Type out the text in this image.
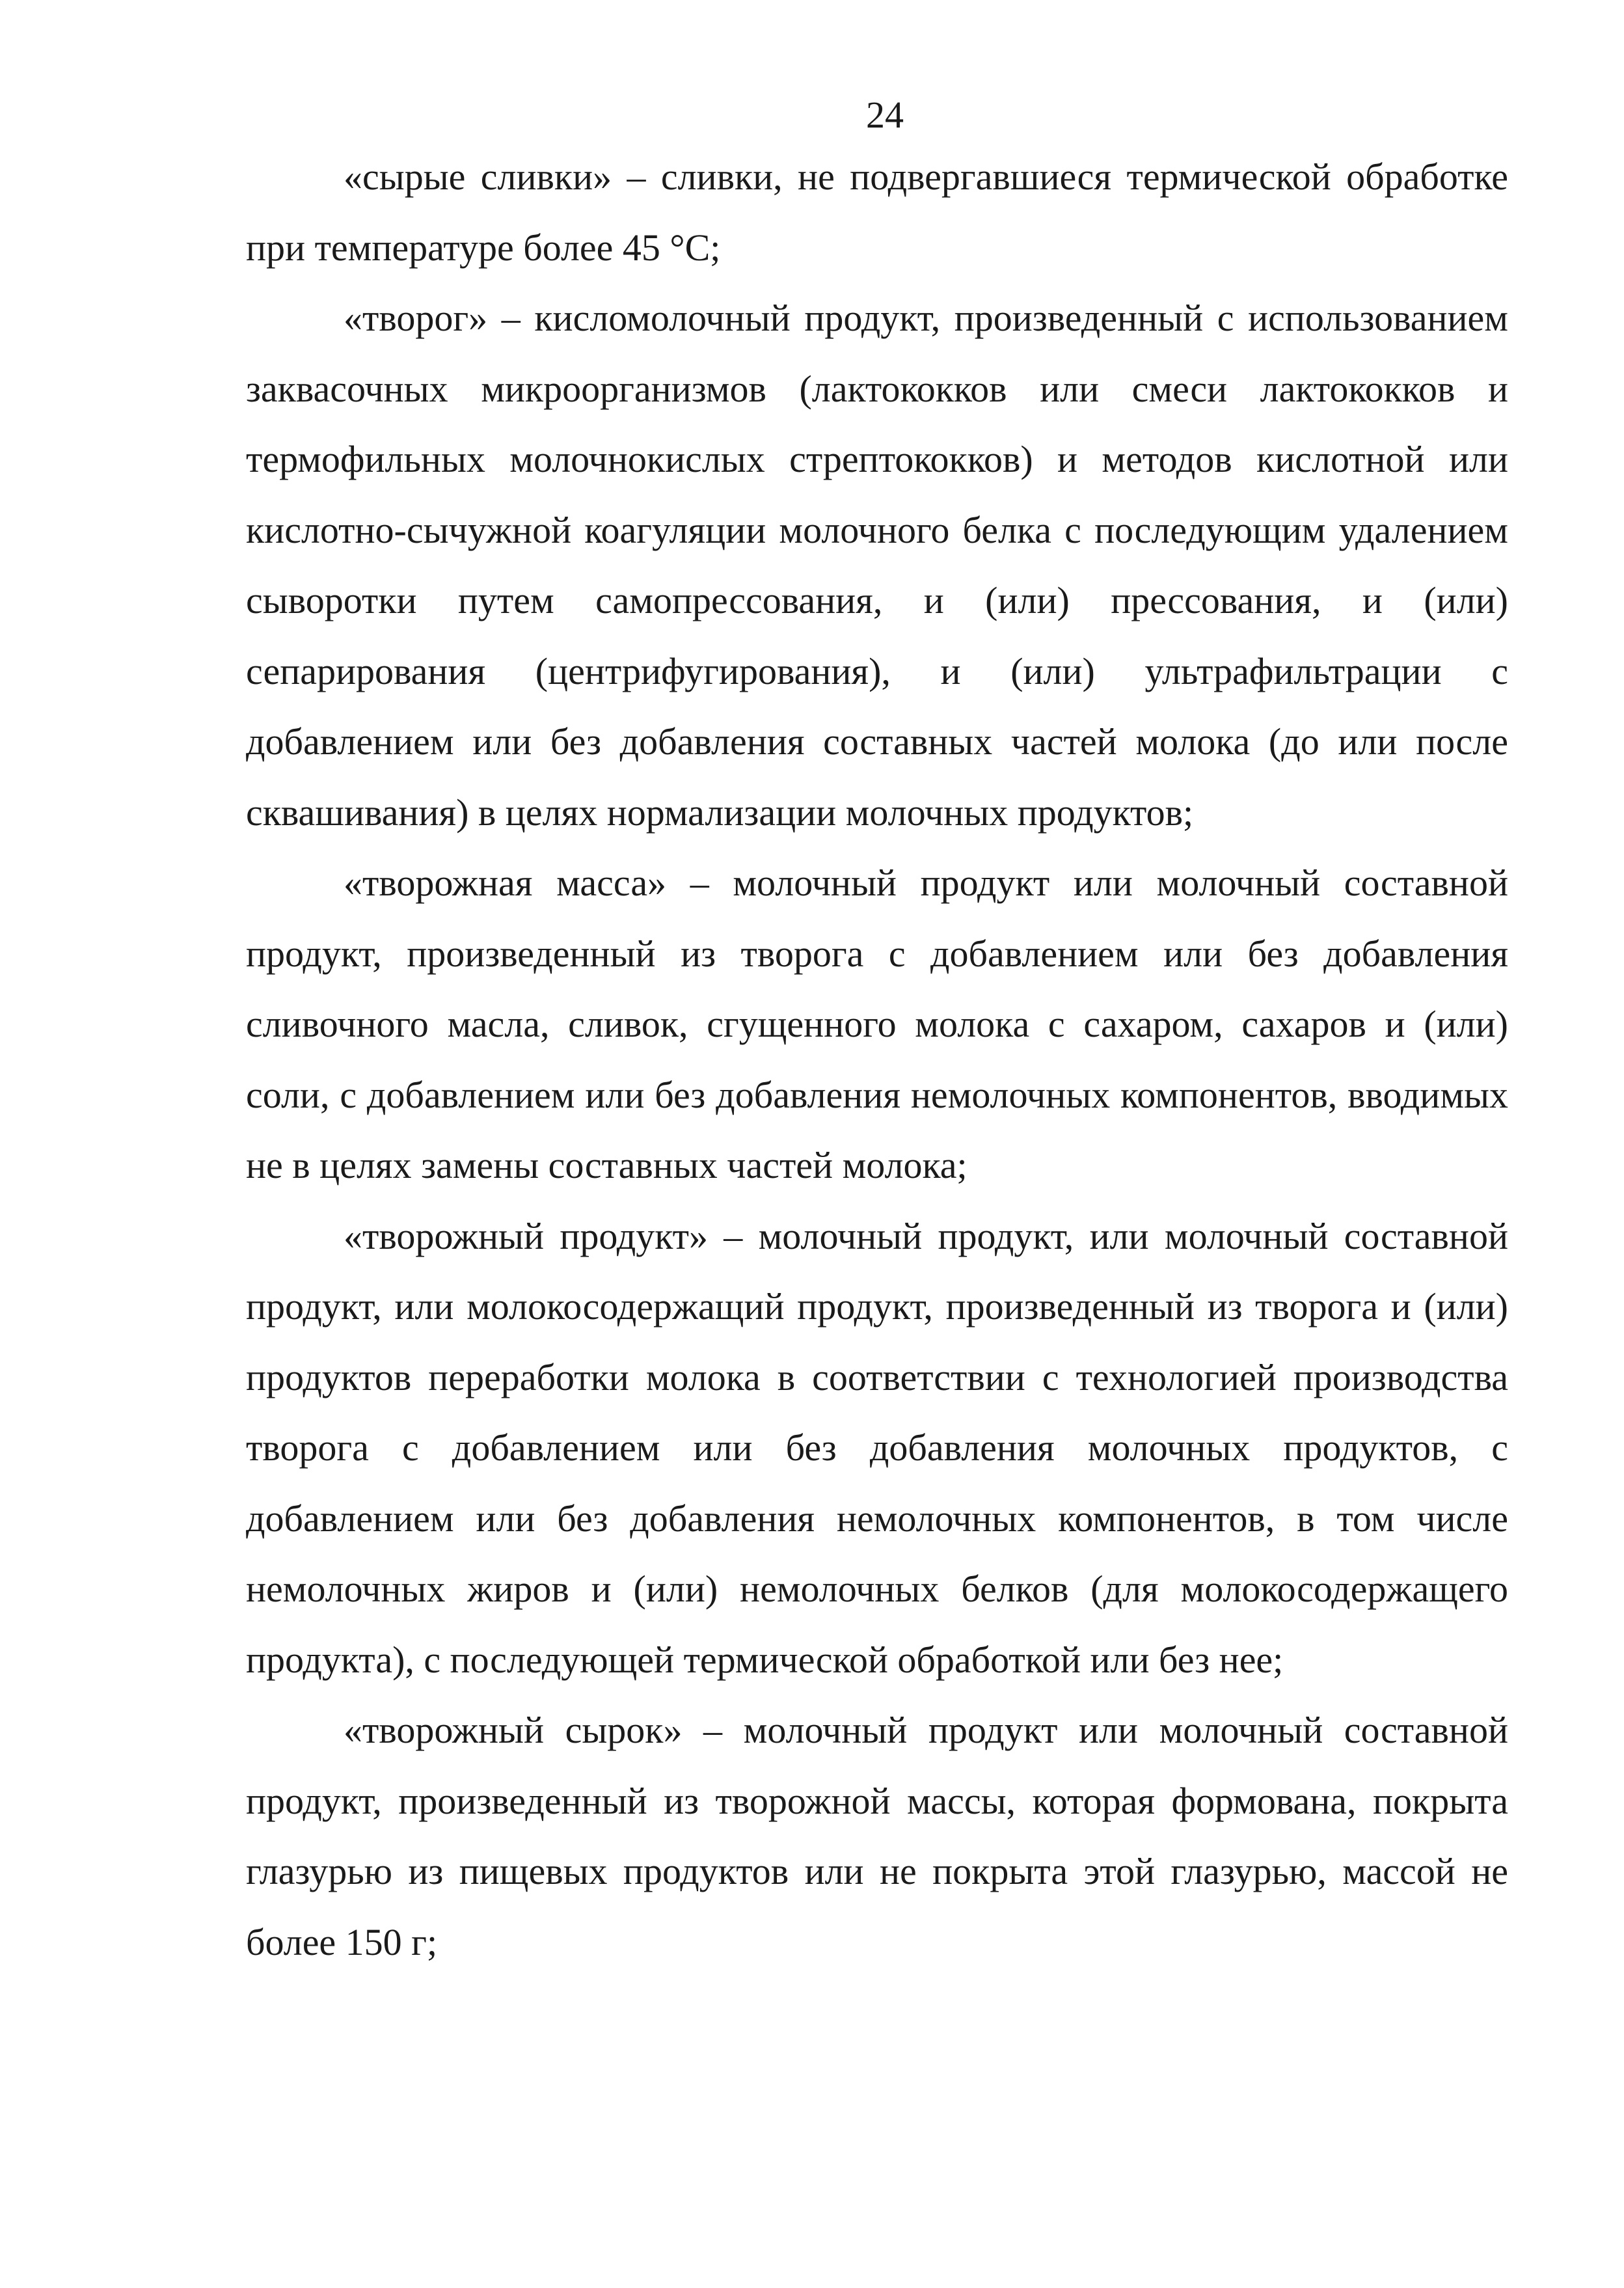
24

«сырые сливки» – сливки, не подвергавшиеся термической обработке при температуре более 45 °С;

«творог» – кисломолочный продукт, произведенный с использованием заквасочных микроорганизмов (лактококков или смеси лактококков и термофильных молочнокислых стрептококков) и методов кислотной или кислотно-сычужной коагуляции молочного белка с последующим удалением сыворотки путем самопрессования, и (или) прессования, и (или) сепарирования (центрифугирования), и (или) ультрафильтрации с добавлением или без добавления составных частей молока (до или после сквашивания) в целях нормализации молочных продуктов;

«творожная масса» – молочный продукт или молочный составной продукт, произведенный из творога с добавлением или без добавления сливочного масла, сливок, сгущенного молока с сахаром, сахаров и (или) соли, с добавлением или без добавления немолочных компонентов, вводимых не в целях замены составных частей молока;

«творожный продукт» – молочный продукт, или молочный составной продукт, или молокосодержащий продукт, произведенный из творога и (или) продуктов переработки молока в соответствии с технологией производства творога с добавлением или без добавления молочных продуктов, с добавлением или без добавления немолочных компонентов, в том числе немолочных жиров и (или) немолочных белков (для молокосодержащего продукта), с последующей термической обработкой или без нее;

«творожный сырок» – молочный продукт или молочный составной продукт, произведенный из творожной массы, которая формована, покрыта глазурью из пищевых продуктов или не покрыта этой глазурью, массой не более 150 г;
